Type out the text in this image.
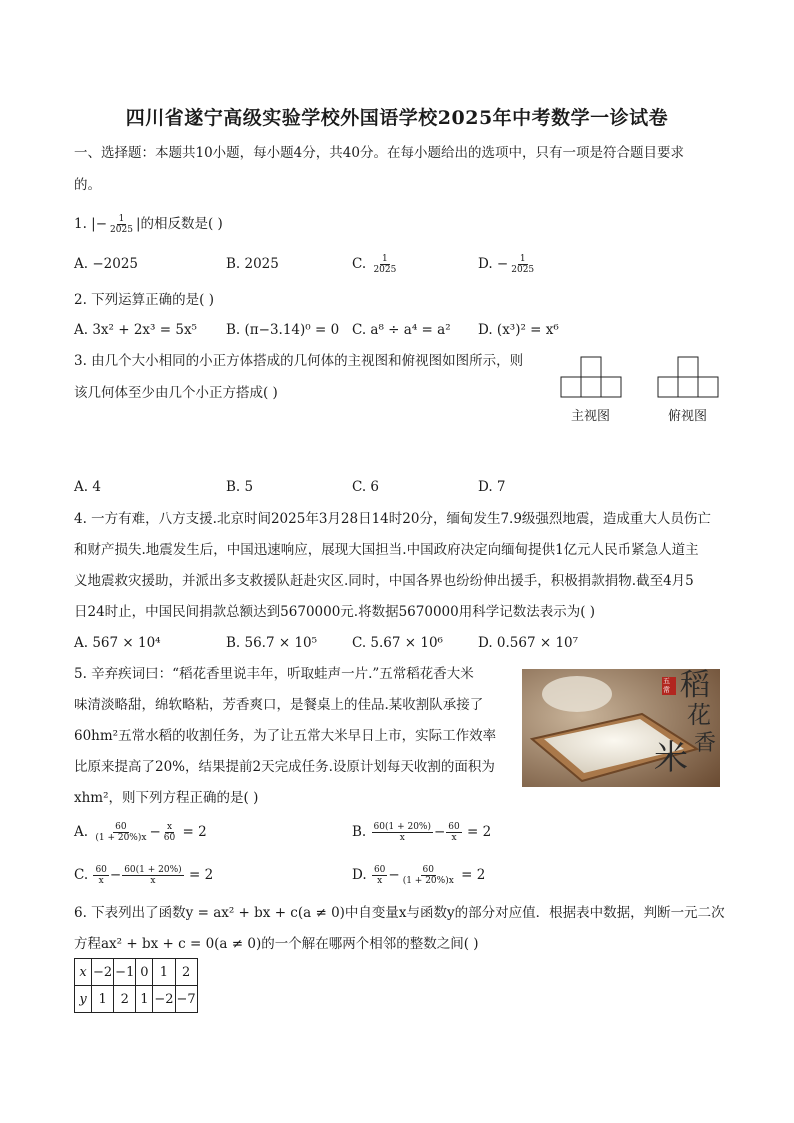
四川省遂宁高级实验学校外国语学校2025年中考数学一诊试卷
一、选择题：本题共10小题，每小题4分，共40分。在每小题给出的选项中，只有一项是符合题目要求
的。
1. |− $\frac{1}{2025}$ |的相反数是( )
A. −2025	B. 2025	C. $\frac{1}{2025}$	D. − $\frac{1}{2025}$
2. 下列运算正确的是( )
A. 3x² + 2x³ = 5x⁵ B. (π−3.14)⁰ = 0 C. a⁸ ÷ a⁴ = a² D. (x³)² = x⁶
3. 由几个大小相同的小正方体搭成的几何体的主视图和俯视图如图所示，则
该几何体至少由几个小正方搭成( )
主视图	俯视图
A. 4	B. 5	C. 6	D. 7
4. 一方有难，八方支援.北京时间2025年3月28日14时20分，缅甸发生7.9级强烈地震，造成重大人员伤亡
和财产损失.地震发生后，中国迅速响应，展现大国担当.中国政府决定向缅甸提供1亿元人民币紧急人道主
义地震救灾援助，并派出多支救援队赶赴灾区.同时，中国各界也纷纷伸出援手，积极捐款捐物.截至4月5
日24时止，中国民间捐款总额达到5670000元.将数据5670000用科学记数法表示为( )
A. 567 × 10⁴	B. 56.7 × 10⁵	C. 5.67 × 10⁶	D. 0.567 × 10⁷
5. 辛弃疾词曰：“稻花香里说丰年，听取蛙声一片.”五常稻花香大米
味清淡略甜，绵软略粘，芳香爽口，是餐桌上的佳品.某收割队承接了
60hm²五常水稻的收割任务，为了让五常大米早日上市，实际工作效率
比原来提高了20%，结果提前2天完成任务.设原计划每天收割的面积为
xhm²，则下列方程正确的是( )
五
常 稻
花
香
米
A. $\frac{60}{(1 + 20\%)x} - \frac{x}{60} = 2$	B. $\frac{60(1 + 20\%)}{x} - \frac{60}{x} = 2$
C. $\frac{60}{x} - \frac{60(1 + 20\%)}{x} = 2$	D. $\frac{60}{x} - \frac{60}{(1 + 20\%)x} = 2$
6. 下表列出了函数y = ax² + bx + c(a ≠ 0)中自变量x与函数y的部分对应值．根据表中数据，判断一元二次
方程ax² + bx + c = 0(a ≠ 0)的一个解在哪两个相邻的整数之间( )
x	−2	−1	0	1	2
y	1	2	1	−2	−7
